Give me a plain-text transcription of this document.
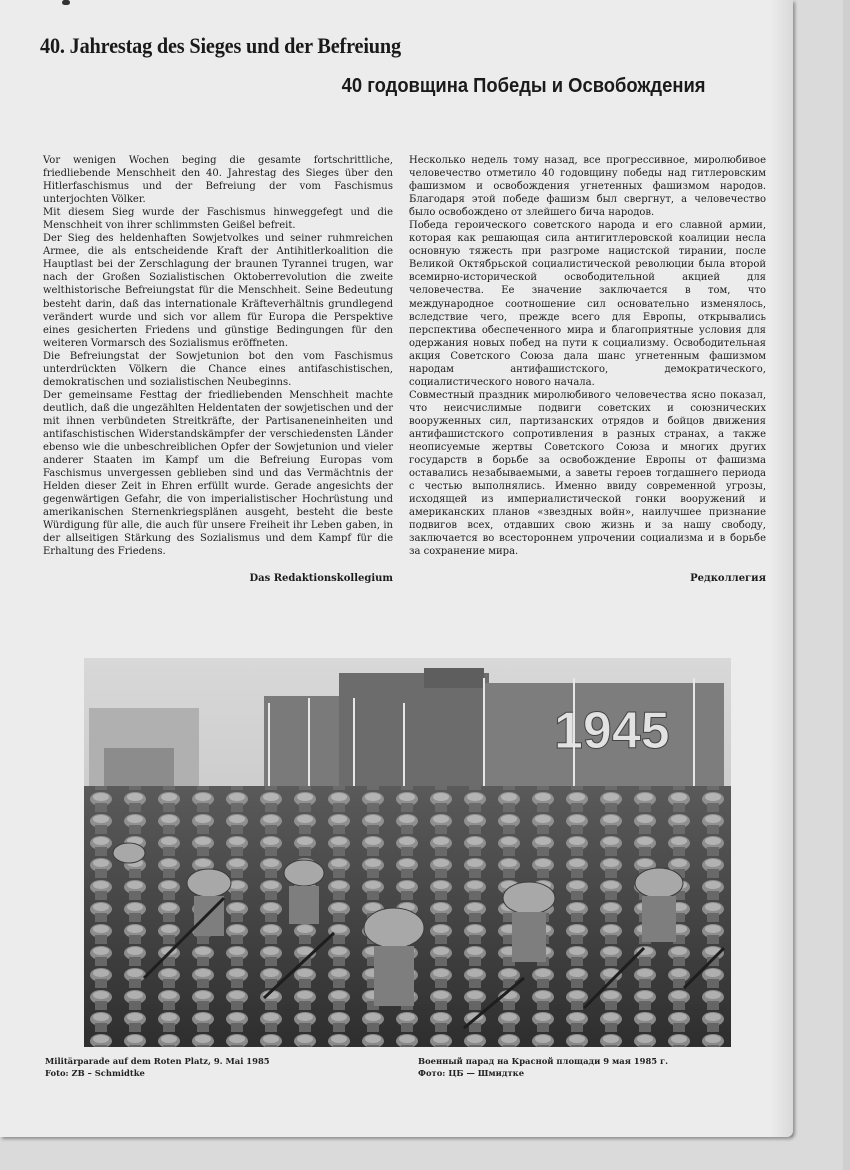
40. Jahrestag des Sieges und der Befreiung
40 годовщина Победы и Освобождения

Vor wenigen Wochen beging die gesamte fortschrittliche, friedliebende Menschheit den 40. Jahrestag des Sieges über den Hitlerfaschismus und der Befreiung der vom Faschismus unterjochten Völker.

Mit diesem Sieg wurde der Faschismus hinweggefegt und die Menschheit von ihrer schlimmsten Geißel befreit.

Der Sieg des heldenhaften Sowjetvolkes und seiner ruhmreichen Armee, die als entscheidende Kraft der Antihitlerkoalition die Hauptlast bei der Zerschlagung der braunen Tyrannei trugen, war nach der Großen Sozialistischen Oktoberrevolution die zweite welthistorische Befreiungstat für die Menschheit. Seine Bedeutung besteht darin, daß das internationale Kräfteverhältnis grundlegend verändert wurde und sich vor allem für Europa die Perspektive eines gesicherten Friedens und günstige Bedingungen für den weiteren Vormarsch des Sozialismus eröffneten.

Die Befreiungstat der Sowjetunion bot den vom Faschismus unterdrückten Völkern die Chance eines antifaschistischen, demokratischen und sozialistischen Neubeginns.

Der gemeinsame Festtag der friedliebenden Menschheit machte deutlich, daß die ungezählten Heldentaten der sowjetischen und der mit ihnen verbündeten Streitkräfte, der Partisaneneinheiten und antifaschistischen Widerstandskämpfer der verschiedensten Länder ebenso wie die unbeschreiblichen Opfer der Sowjetunion und vieler anderer Staaten im Kampf um die Befreiung Europas vom Faschismus unvergessen geblieben sind und das Vermächtnis der Helden dieser Zeit in Ehren erfüllt wurde. Gerade angesichts der gegenwärtigen Gefahr, die von imperialistischer Hochrüstung und amerikanischen Sternenkriegsplänen ausgeht, besteht die beste Würdigung für alle, die auch für unsere Freiheit ihr Leben gaben, in der allseitigen Stärkung des Sozialismus und dem Kampf für die Erhaltung des Friedens.

Das Redaktionskollegium

Несколько недель тому назад, все прогрессивное, миролюбивое человечество отметило 40 годовщину победы над гитлеровским фашизмом и освобождения угнетенных фашизмом народов. Благодаря этой победе фашизм был свергнут, а человечество было освобождено от злейшего бича народов.

Победа героического советского народа и его славной армии, которая как решающая сила антигитлеровской коалиции несла основную тяжесть при разгроме нацистской тирании, после Великой Октябрьской социалистической революции была второй всемирно-исторической освободительной акцией для человечества. Ее значение заключается в том, что международное соотношение сил основательно изменялось, вследствие чего, прежде всего для Европы, открывались перспектива обеспеченного мира и благоприятные условия для одержания новых побед на пути к социализму. Освободительная акция Советского Союза дала шанс угнетенным фашизмом народам антифашистского, демократического, социалистического нового начала.

Совместный праздник миролюбивого человечества ясно показал, что неисчислимые подвиги советских и союзнических вооруженных сил, партизанских отрядов и бойцов движения антифашистского сопротивления в разных странах, а также неописуемые жертвы Советского Союза и многих других государств в борьбе за освобождение Европы от фашизма оставались незабываемыми, а заветы героев тогдашнего периода с честью выполнялись. Именно ввиду современной угрозы, исходящей из империалистической гонки вооружений и американских планов «звездных войн», наилучшее признание подвигов всех, отдавших свою жизнь и за нашу свободу, заключается во всестороннем упрочении социализма и в борьбе за сохранение мира.

Редколлегия

1945
Militärparade auf dem Roten Platz, 9. Mai 1985
Foto: ZB – Schmidtke
Военный парад на Красной площади 9 мая 1985 г.
Фото: ЦБ — Шмидтке
